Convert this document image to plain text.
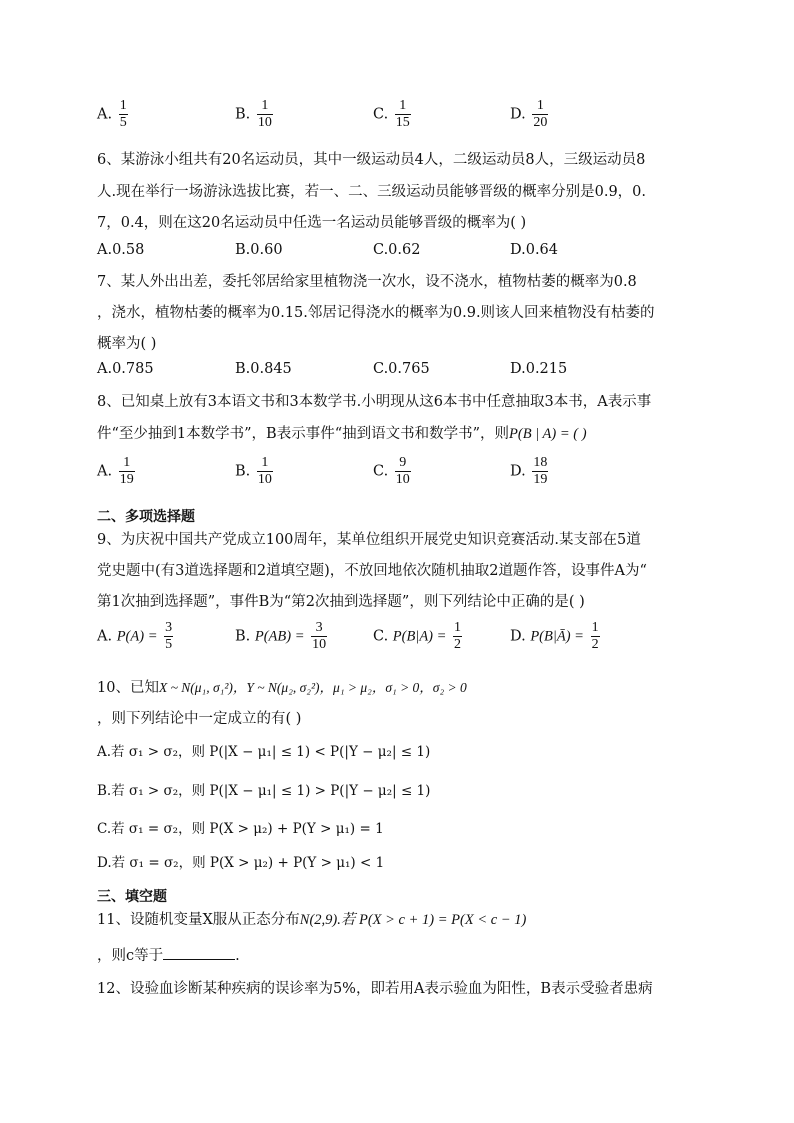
A. $\frac{1}{5}$	B. $\frac{1}{10}$	C. $\frac{1}{15}$	D. $\frac{1}{20}$
6、某游泳小组共有20名运动员，其中一级运动员4人，二级运动员8人，三级运动员8
人.现在举行一场游泳选拔比赛，若一、二、三级运动员能够晋级的概率分别是0.9，0.
7，0.4，则在这20名运动员中任选一名运动员能够晋级的概率为( )
A.0.58	B.0.60	C.0.62	D.0.64
7、某人外出出差，委托邻居给家里植物浇一次水，设不浇水，植物枯萎的概率为0.8
，浇水，植物枯萎的概率为0.15.邻居记得浇水的概率为0.9.则该人回来植物没有枯萎的
概率为( )
A.0.785	B.0.845	C.0.765	D.0.215
8、已知桌上放有3本语文书和3本数学书.小明现从这6本书中任意抽取3本书，A表示事
件“至少抽到1本数学书”，B表示事件“抽到语文书和数学书”，则P(B | A) = ( )
A. $\frac{1}{19}$	B. $\frac{1}{10}$	C. $\frac{9}{10}$	D. $\frac{18}{19}$
二、多项选择题
9、为庆祝中国共产党成立100周年，某单位组织开展党史知识竞赛活动.某支部在5道
党史题中(有3道选择题和2道填空题)，不放回地依次随机抽取2道题作答，设事件A为“
第1次抽到选择题”，事件B为“第2次抽到选择题”，则下列结论中正确的是( )
A. $P(A) = \frac{3}{5}$	B. $P(AB) = \frac{3}{10}$	C. $P(B|A) = \frac{1}{2}$	D. P(B|Ā) = $\frac{1}{2}$
10、已知X ~ N(μ₁, σ₁²)，Y ~ N(μ₂, σ₂²)，μ₁ > μ₂，σ₁ > 0，σ₂ > 0
，则下列结论中一定成立的有( )
A.若 σ₁ > σ₂，则 P(|X − μ₁| ≤ 1) < P(|Y − μ₂| ≤ 1)
B.若 σ₁ > σ₂，则 P(|X − μ₁| ≤ 1) > P(|Y − μ₂| ≤ 1)
C.若 σ₁ = σ₂，则 P(X > μ₂) + P(Y > μ₁) = 1
D.若 σ₁ = σ₂，则 P(X > μ₂) + P(Y > μ₁) < 1
三、填空题
11、设随机变量X服从正态分布N(2,9).若 P(X > c + 1) = P(X < c − 1)
，则c等于	.
12、设验血诊断某种疾病的误诊率为5%，即若用A表示验血为阳性，B表示受验者患病
